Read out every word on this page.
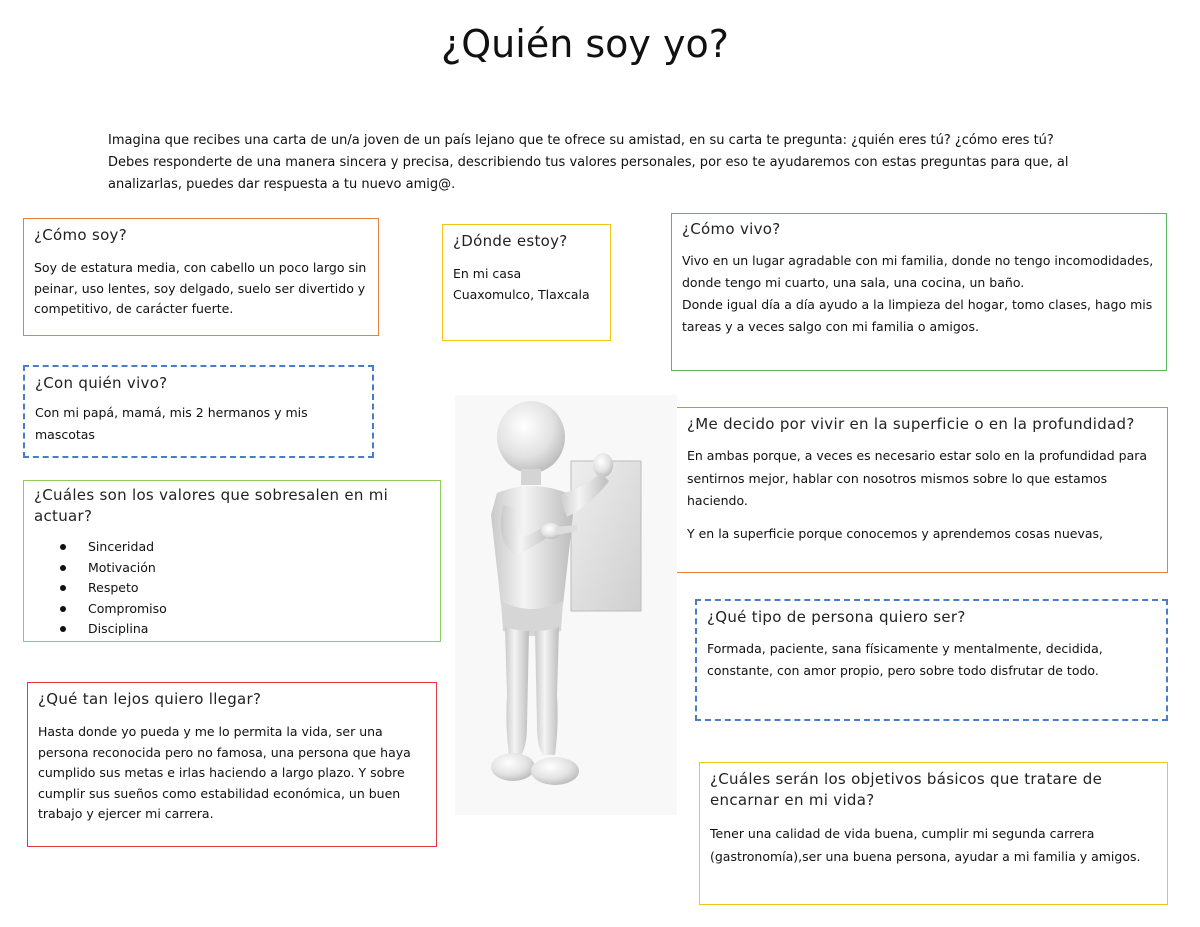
¿Quién soy yo?

Imagina que recibes una carta de un/a joven de un país lejano que te ofrece su amistad, en su carta te pregunta: ¿quién eres tú? ¿cómo eres tú?

Debes responderte de una manera sincera y precisa, describiendo tus valores personales, por eso te ayudaremos con estas preguntas para que, al analizarlas, puedes dar respuesta a tu nuevo amig@.

¿Cómo soy?

Soy de estatura media, con cabello un poco largo sin peinar, uso lentes, soy delgado, suelo ser divertido y competitivo, de carácter fuerte.

¿Dónde estoy?

En mi casa

Cuaxomulco, Tlaxcala

¿Cómo vivo?

Vivo en un lugar agradable con mi familia, donde no tengo incomodidades, donde tengo mi cuarto, una sala, una cocina, un baño.

Donde igual día a día ayudo a la limpieza del hogar, tomo clases, hago mis tareas y a veces salgo con mi familia o amigos.

¿Con quién vivo?

Con mi papá, mamá, mis 2 hermanos y mis mascotas

¿Me decido por vivir en la superficie o en la profundidad?

En ambas porque, a veces es necesario estar solo en la profundidad para sentirnos mejor, hablar con nosotros mismos sobre lo que estamos haciendo.

Y en la superficie porque conocemos y aprendemos cosas nuevas,

¿Cuáles son los valores que sobresalen en mi actuar?
Sinceridad
Motivación
Respeto
Compromiso
Disciplina
¿Qué tipo de persona quiero ser?

Formada, paciente, sana físicamente y mentalmente, decidida, constante, con amor propio, pero sobre todo disfrutar de todo.

¿Qué tan lejos quiero llegar?

Hasta donde yo pueda y me lo permita la vida, ser una persona reconocida pero no famosa, una persona que haya cumplido sus metas e irlas haciendo a largo plazo. Y sobre cumplir sus sueños como estabilidad económica, un buen trabajo y ejercer mi carrera.

¿Cuáles serán los objetivos básicos que tratare de encarnar en mi vida?

Tener una calidad de vida buena, cumplir mi segunda carrera (gastronomía),ser una buena persona, ayudar a mi familia y amigos.
